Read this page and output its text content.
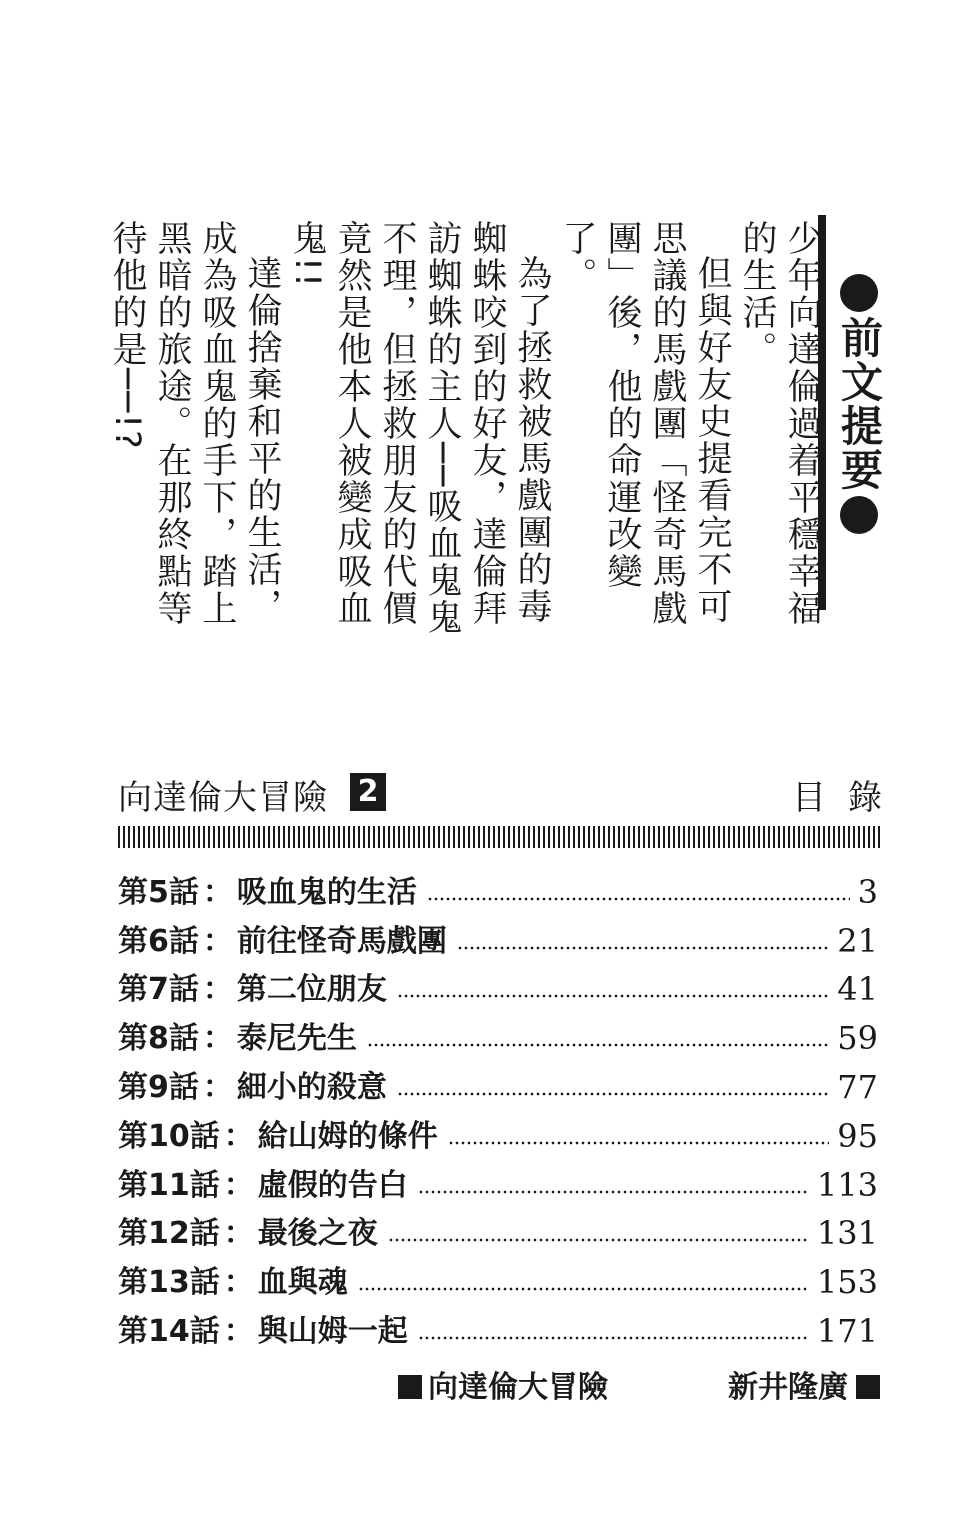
前文提要

少年向達倫過着平穩幸福的生活。

但與好友史提看完不可思議的馬戲團「怪奇馬戲團」後，他的命運改變了。

為了拯救被馬戲團的毒蜘蛛咬到的好友，達倫拜訪蜘蛛的主人──吸血鬼鬼不理，但拯救朋友的代價竟然是他本人被變成吸血鬼!!

達倫捨棄和平的生活，成為吸血鬼的手下，踏上黑暗的旅途。在那終點等待他的是──!?

向達倫大冒險 2	目錄
第5話 ： 吸血鬼的生活	3
第6話 ： 前往怪奇馬戲團	21
第7話 ： 第二位朋友	41
第8話 ： 泰尼先生	59
第9話 ： 細小的殺意	77
第10話 ： 給山姆的條件	95
第11話 ： 虛假的告白	113
第12話 ： 最後之夜	131
第13話 ： 血與魂	153
第14話 ： 與山姆一起	171
向達倫大冒險	新井隆廣
